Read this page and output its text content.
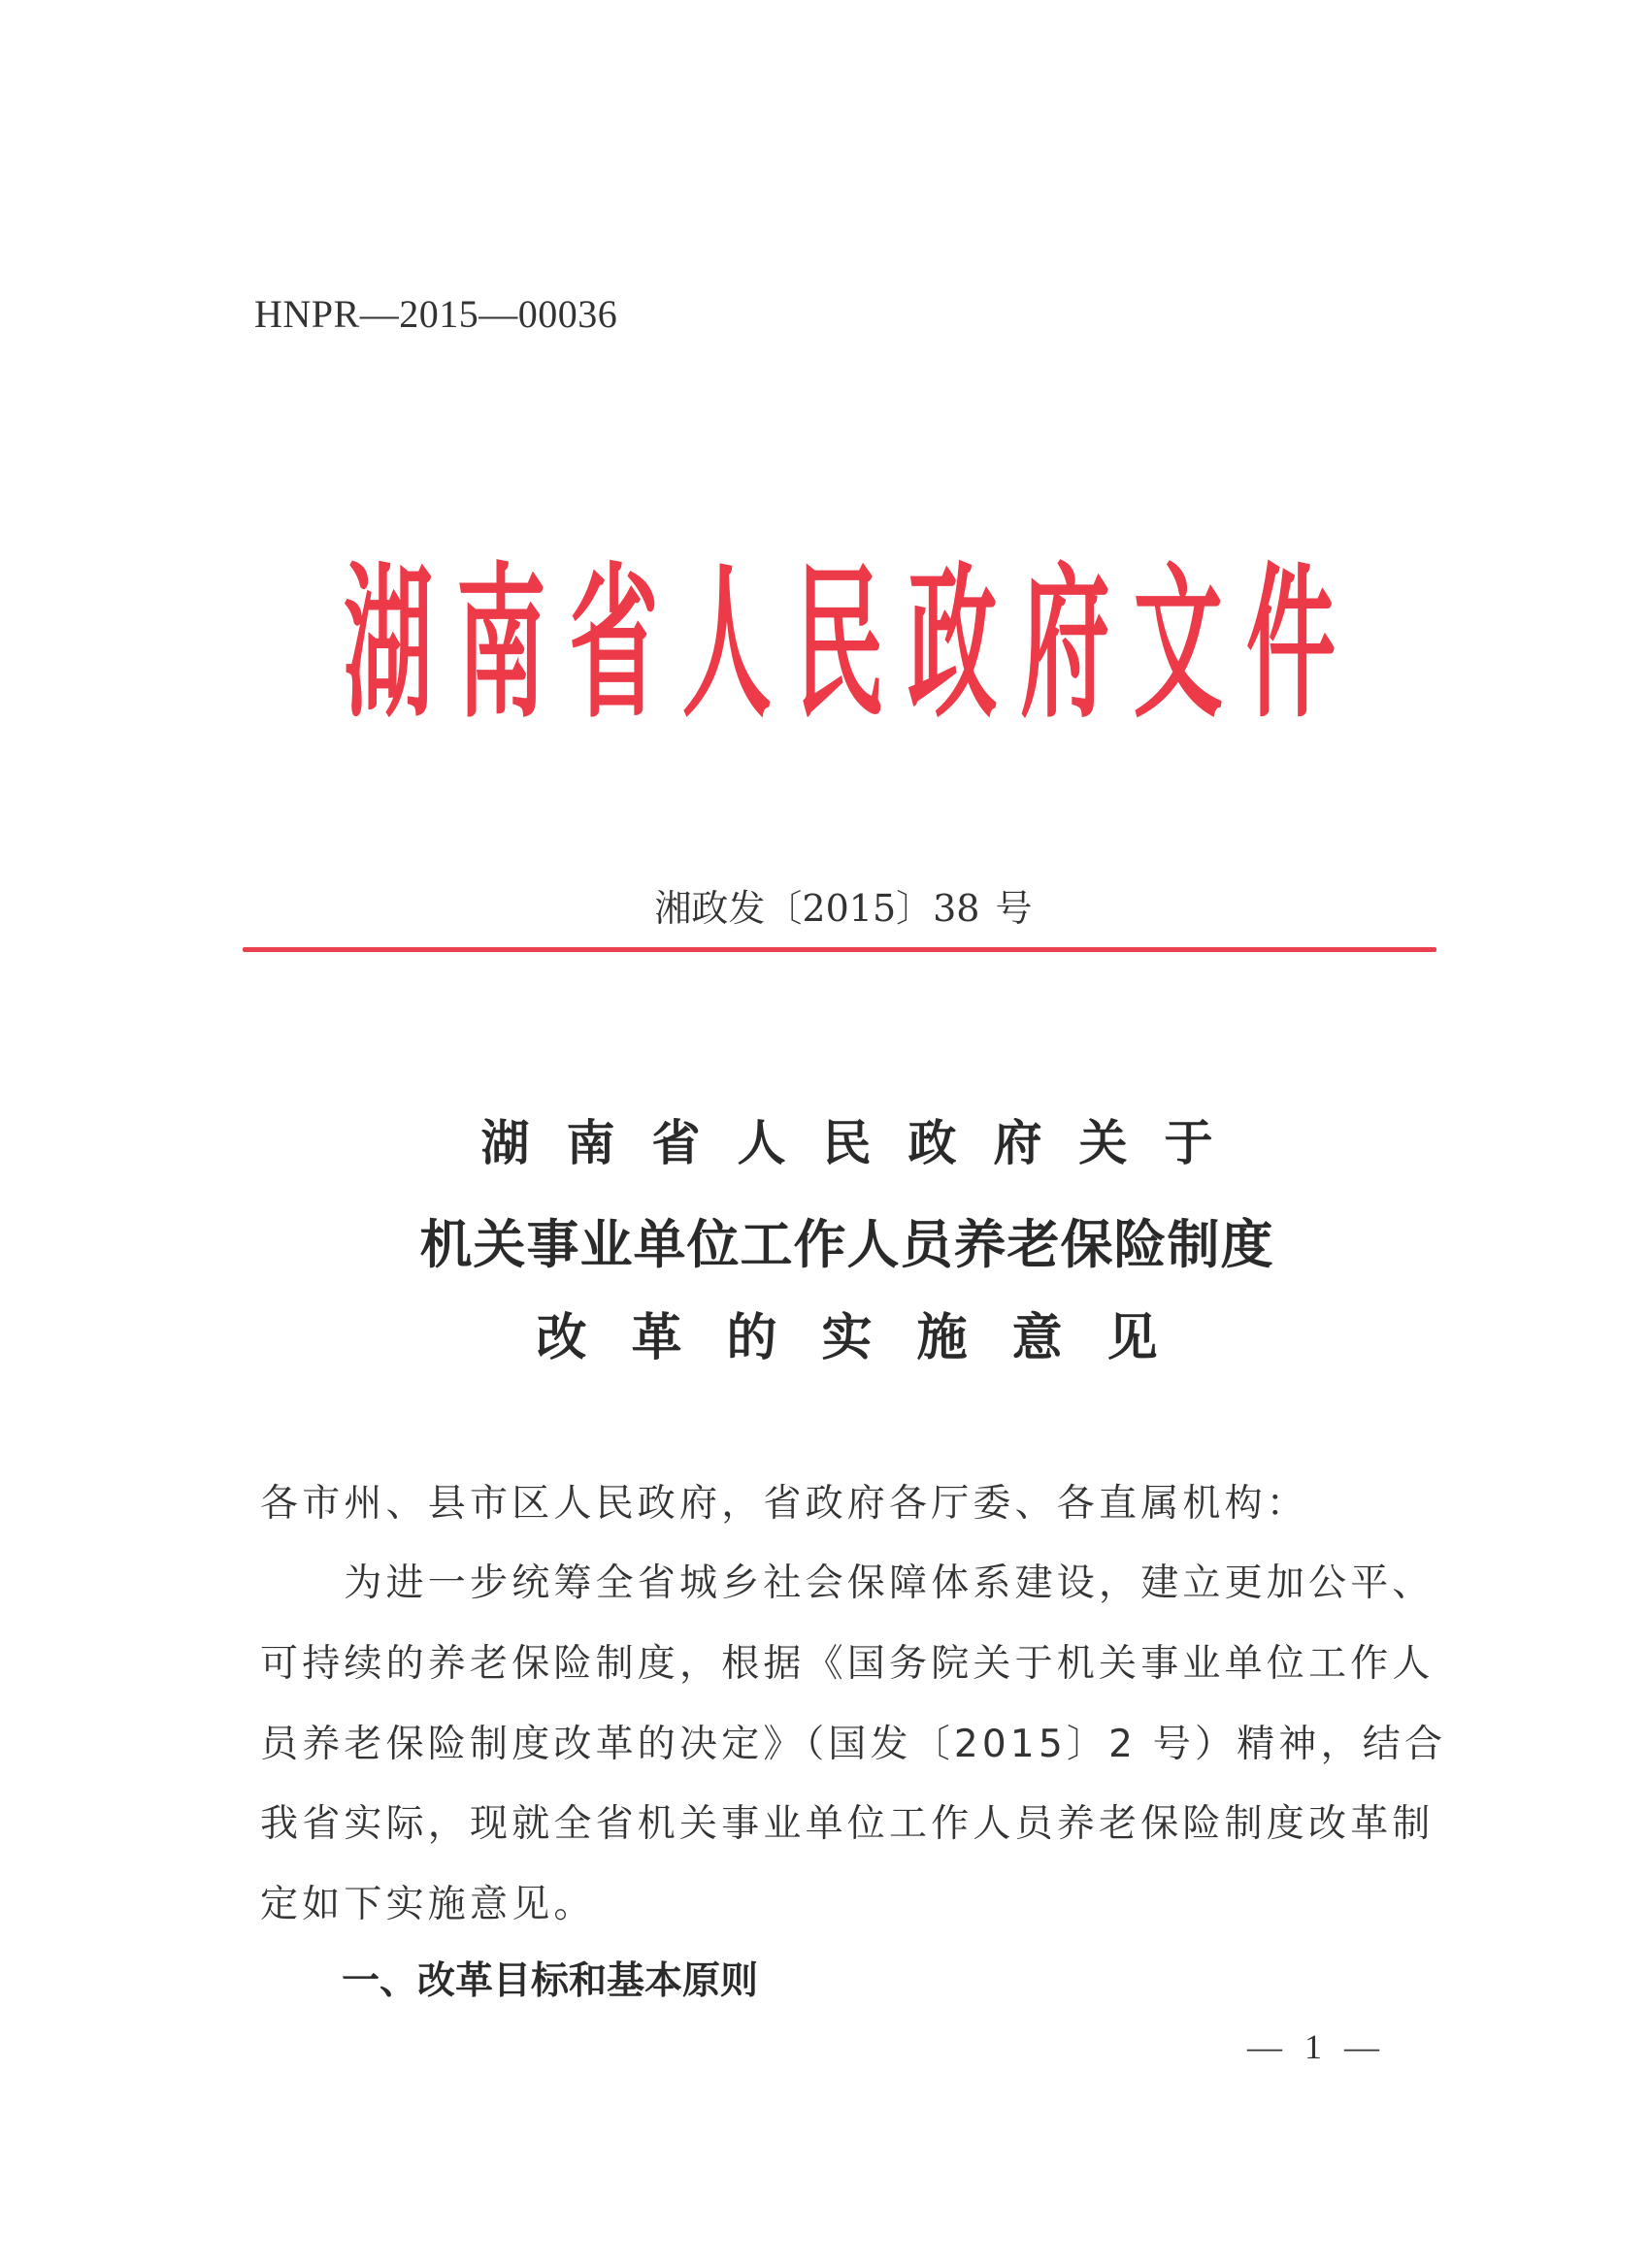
HNPR—2015—00036
湖 南 省 人 民 政 府 文 件
湘政发〔2015〕38 号
湖南省人民政府关于
机关事业单位工作人员养老保险制度
改革的实施意见
各市州、县市区人民政府，省政府各厅委、各直属机构：
　　为进一步统筹全省城乡社会保障体系建设，建立更加公平、
可持续的养老保险制度，根据《国务院关于机关事业单位工作人
员养老保险制度改革的决定》（国发〔2015〕2 号）精神，结合
我省实际，现就全省机关事业单位工作人员养老保险制度改革制
定如下实施意见。
一、改革目标和基本原则
— 1 —
